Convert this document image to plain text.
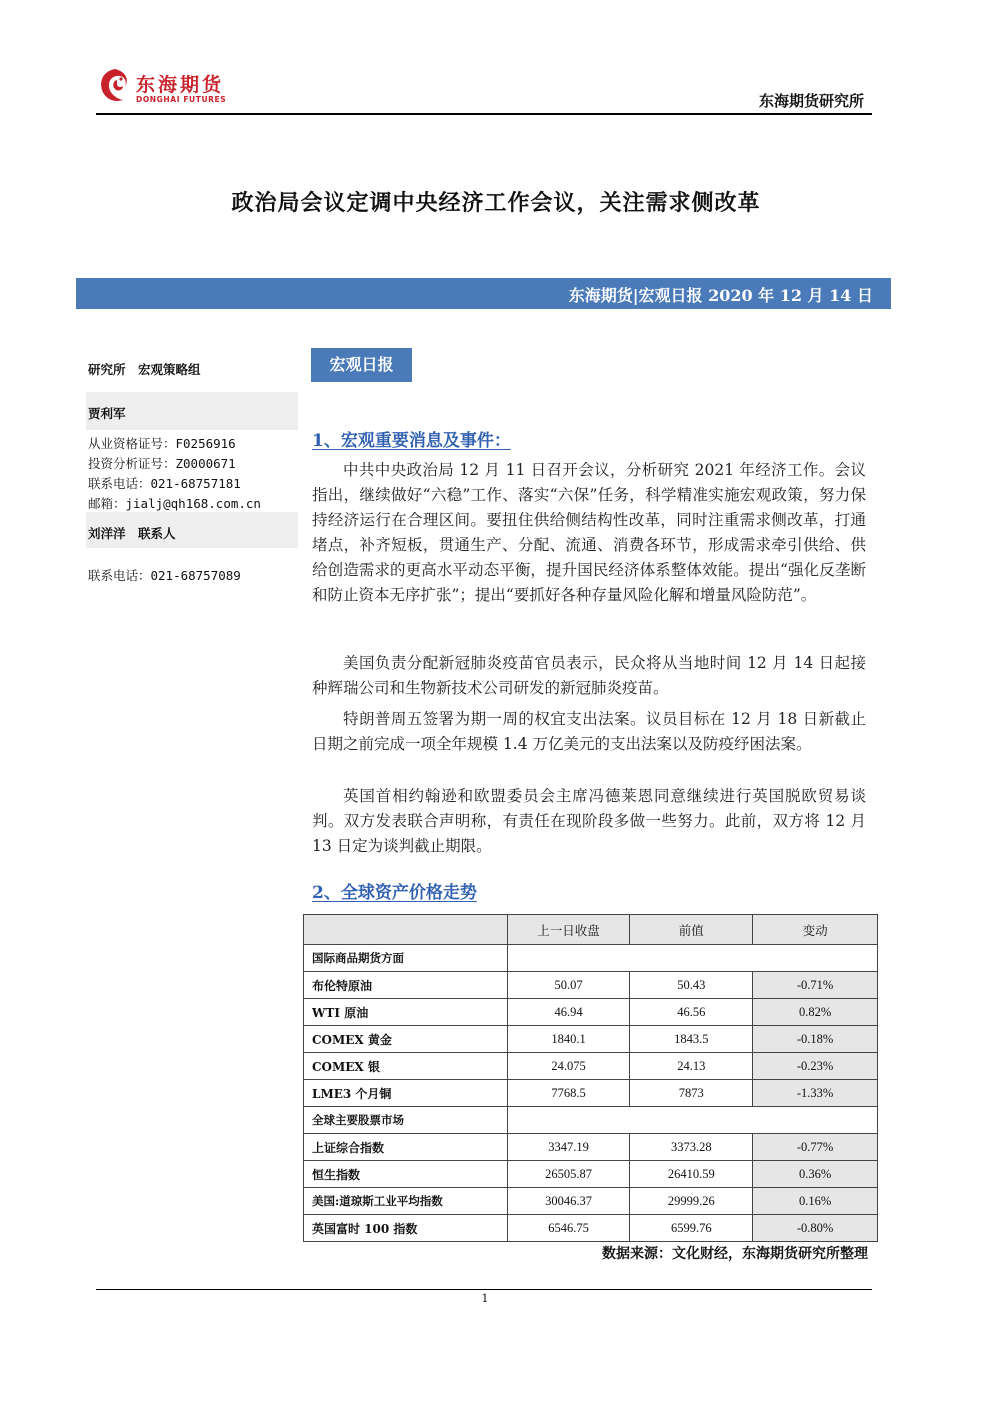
东海期货
DONGHAI FUTURES	东海期货研究所
政治局会议定调中央经济工作会议，关注需求侧改革
东海期货|宏观日报 2020 年 12 月 14 日
研究所　宏观策略组
贾利军
从业资格证号：F0256916
投资分析证号：Z0000671
联系电话：021-68757181
邮箱：jialj@qh168.com.cn
刘洋洋　联系人
联系电话：021-68757089
宏观日报
1、宏观重要消息及事件：
中共中央政治局 12 月 11 日召开会议，分析研究 2021 年经济工作。会议指出，继续做好“六稳”工作、落实“六保”任务，科学精准实施宏观政策，努力保持经济运行在合理区间。要扭住供给侧结构性改革，同时注重需求侧改革，打通堵点，补齐短板，贯通生产、分配、流通、消费各环节，形成需求牵引供给、供给创造需求的更高水平动态平衡，提升国民经济体系整体效能。提出“强化反垄断和防止资本无序扩张”；提出“要抓好各种存量风险化解和增量风险防范”。
美国负责分配新冠肺炎疫苗官员表示，民众将从当地时间 12 月 14 日起接种辉瑞公司和生物新技术公司研发的新冠肺炎疫苗。
特朗普周五签署为期一周的权宜支出法案。议员目标在 12 月 18 日新截止日期之前完成一项全年规模 1.4 万亿美元的支出法案以及防疫纾困法案。
英国首相约翰逊和欧盟委员会主席冯德莱恩同意继续进行英国脱欧贸易谈判。双方发表联合声明称，有责任在现阶段多做一些努力。此前，双方将 12 月 13 日定为谈判截止期限。
2、全球资产价格走势
	上一日收盘	前值	变动
国际商品期货方面			
布伦特原油	50.07	50.43	-0.71%
WTI 原油	46.94	46.56	0.82%
COMEX 黄金	1840.1	1843.5	-0.18%
COMEX 银	24.075	24.13	-0.23%
LME3 个月铜	7768.5	7873	-1.33%
全球主要股票市场			
上证综合指数	3347.19	3373.28	-0.77%
恒生指数	26505.87	26410.59	0.36%
美国:道琼斯工业平均指数	30046.37	29999.26	0.16%
英国富时 100 指数	6546.75	6599.76	-0.80%
数据来源：文化财经，东海期货研究所整理
1
